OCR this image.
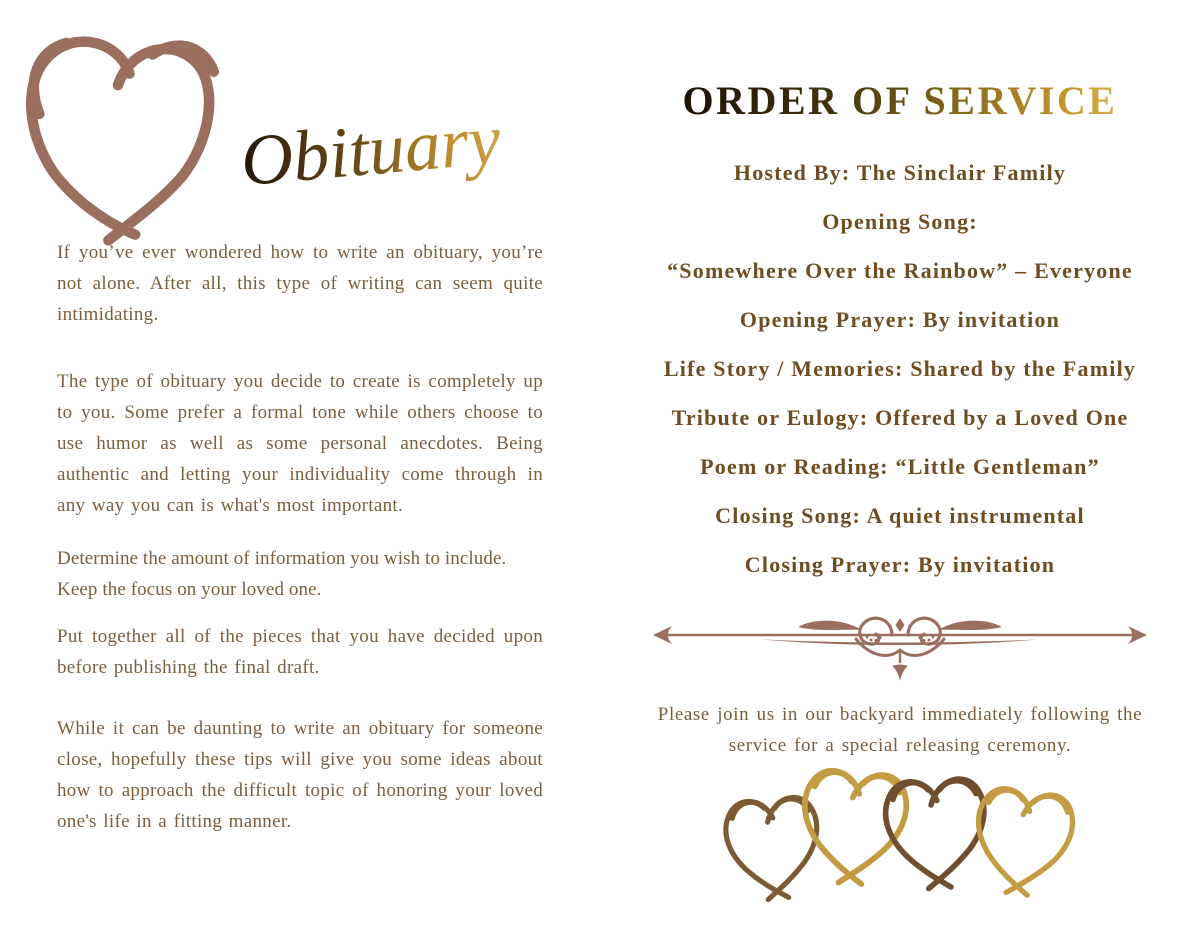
Obituary

If you’ve ever wondered how to write an obituary, you’re not alone. After all, this type of writing can seem quite intimidating.

The type of obituary you decide to create is completely up to you. Some prefer a formal tone while others choose to use humor as well as some personal anecdotes. Being authentic and letting your individuality come through in any way you can is what's most important.

Determine the amount of information you wish to include. Keep the focus on your loved one.

Put together all of the pieces that you have decided upon before publishing the final draft.

While it can be daunting to write an obituary for someone close, hopefully these tips will give you some ideas about how to approach the difficult topic of honoring your loved one's life in a fitting manner.

ORDER OF SERVICE
Hosted By: The Sinclair Family
Opening Song:
“Somewhere Over the Rainbow” – Everyone
Opening Prayer: By invitation
Life Story / Memories: Shared by the Family
Tribute or Eulogy: Offered by a Loved One
Poem or Reading: “Little Gentleman”
Closing Song: A quiet instrumental
Closing Prayer: By invitation
Please join us in our backyard immediately following the
service for a special releasing ceremony.
